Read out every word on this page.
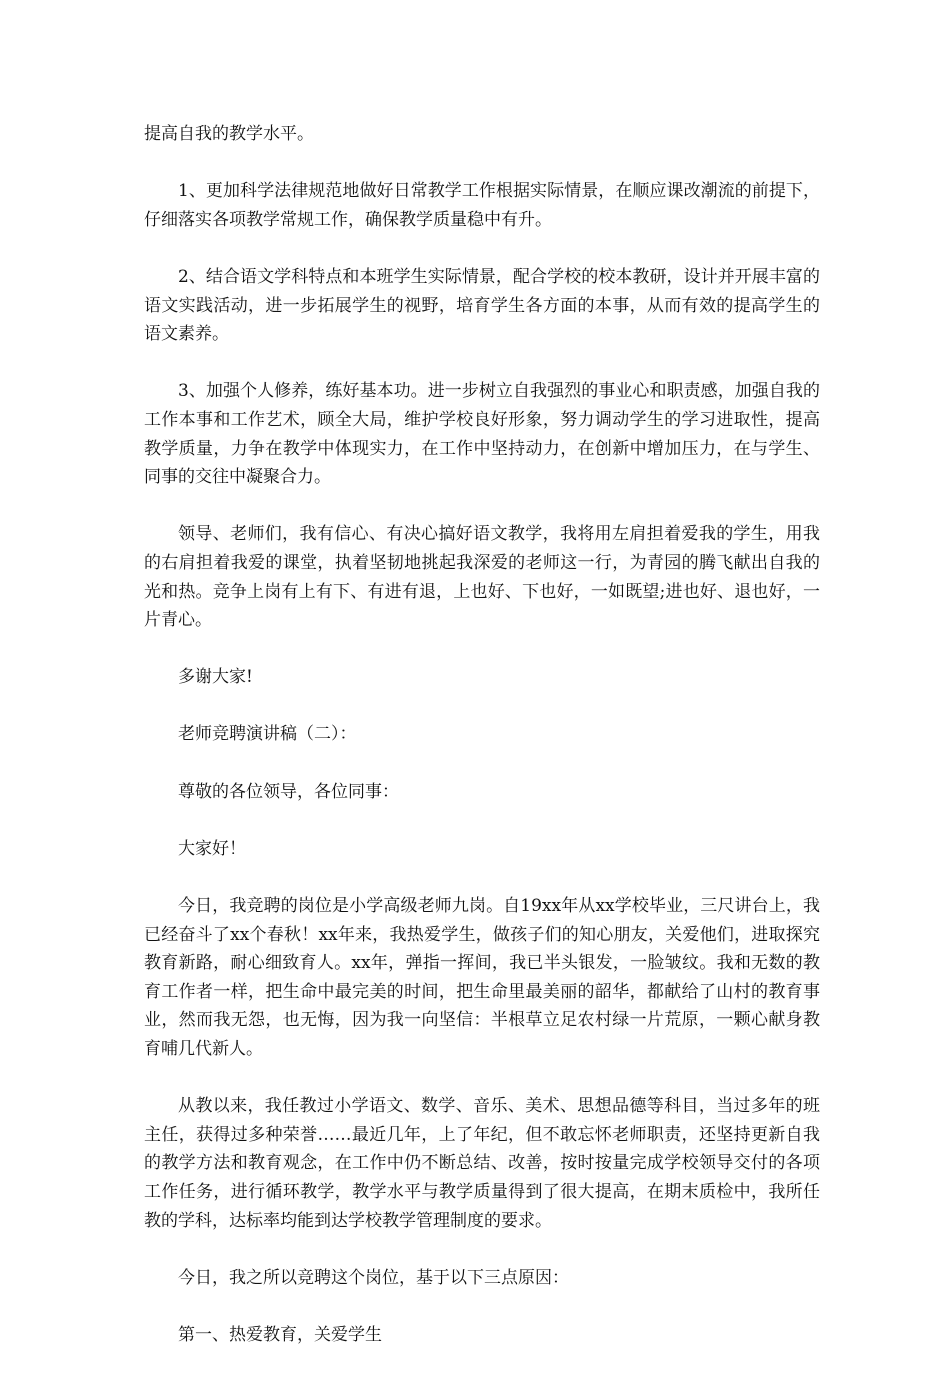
提高自我的教学水平。

1、更加科学法律规范地做好日常教学工作根据实际情景，在顺应课改潮流的前提下，仔细落实各项教学常规工作，确保教学质量稳中有升。

2、结合语文学科特点和本班学生实际情景，配合学校的校本教研，设计并开展丰富的语文实践活动，进一步拓展学生的视野，培育学生各方面的本事，从而有效的提高学生的语文素养。

3、加强个人修养，练好基本功。进一步树立自我强烈的事业心和职责感，加强自我的工作本事和工作艺术，顾全大局，维护学校良好形象，努力调动学生的学习进取性，提高教学质量，力争在教学中体现实力，在工作中坚持动力，在创新中增加压力，在与学生、同事的交往中凝聚合力。

领导、老师们，我有信心、有决心搞好语文教学，我将用左肩担着爱我的学生，用我的右肩担着我爱的课堂，执着坚韧地挑起我深爱的老师这一行，为青园的腾飞献出自我的光和热。竞争上岗有上有下、有进有退，上也好、下也好，一如既望;进也好、退也好，一片青心。

多谢大家!

老师竞聘演讲稿（二）：

尊敬的各位领导，各位同事：

大家好！

今日，我竞聘的岗位是小学高级老师九岗。自19xx年从xx学校毕业，三尺讲台上，我已经奋斗了xx个春秋！xx年来，我热爱学生，做孩子们的知心朋友，关爱他们，进取探究教育新路，耐心细致育人。xx年，弹指一挥间，我已半头银发，一脸皱纹。我和无数的教育工作者一样，把生命中最完美的时间，把生命里最美丽的韶华，都献给了山村的教育事业，然而我无怨，也无悔，因为我一向坚信：半根草立足农村绿一片荒原，一颗心献身教育哺几代新人。

从教以来，我任教过小学语文、数学、音乐、美术、思想品德等科目，当过多年的班主任，获得过多种荣誉……最近几年，上了年纪，但不敢忘怀老师职责，还坚持更新自我的教学方法和教育观念，在工作中仍不断总结、改善，按时按量完成学校领导交付的各项工作任务，进行循环教学，教学水平与教学质量得到了很大提高，在期末质检中，我所任教的学科，达标率均能到达学校教学管理制度的要求。

今日，我之所以竞聘这个岗位，基于以下三点原因：

第一、热爱教育，关爱学生
